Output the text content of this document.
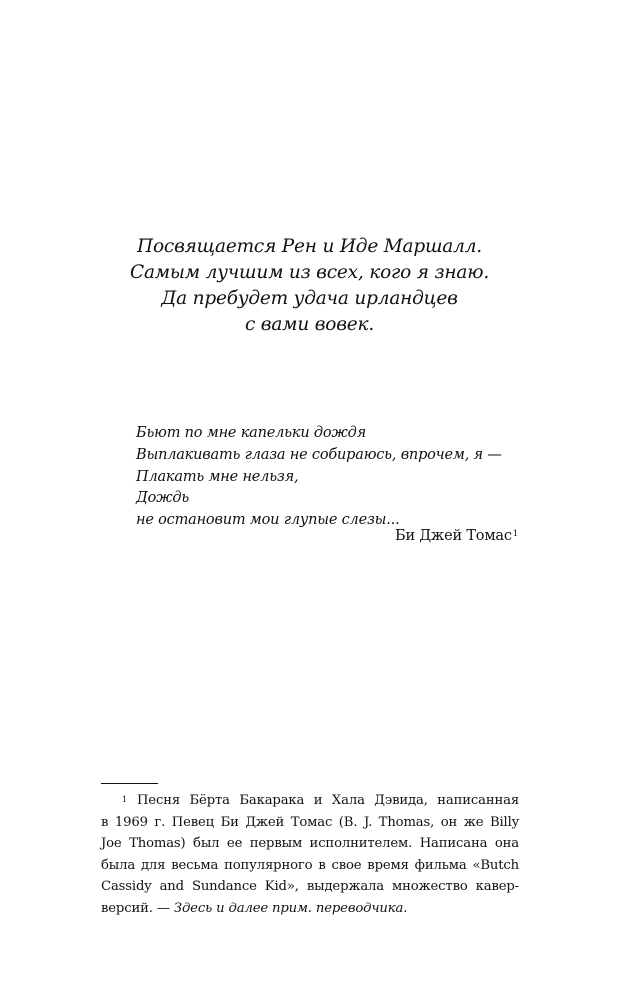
Посвящается Рен и Иде Маршалл.
Самым лучшим из всех, кого я знаю.
Да пребудет удача ирландцев
с вами вовек.
Бьют по мне капельки дождя
Выплакивать глаза не собираюсь, впрочем, я —
Плакать мне нельзя,
Дождь
не остановит мои глупые слезы...
Би Джей Томас$^1$
$^1$ Песня Бёрта Бакарака и Хала Дэвида, написанная
в 1969 г. Певец Би Джей Томас (B. J. Thomas, он же Billy
Joe Thomas) был ее первым исполнителем. Написана она
была для весьма популярного в свое время фильма «Butch
Cassidy and Sundance Kid», выдержала множество кавер-
версий. — Здесь и далее прим. переводчика.
